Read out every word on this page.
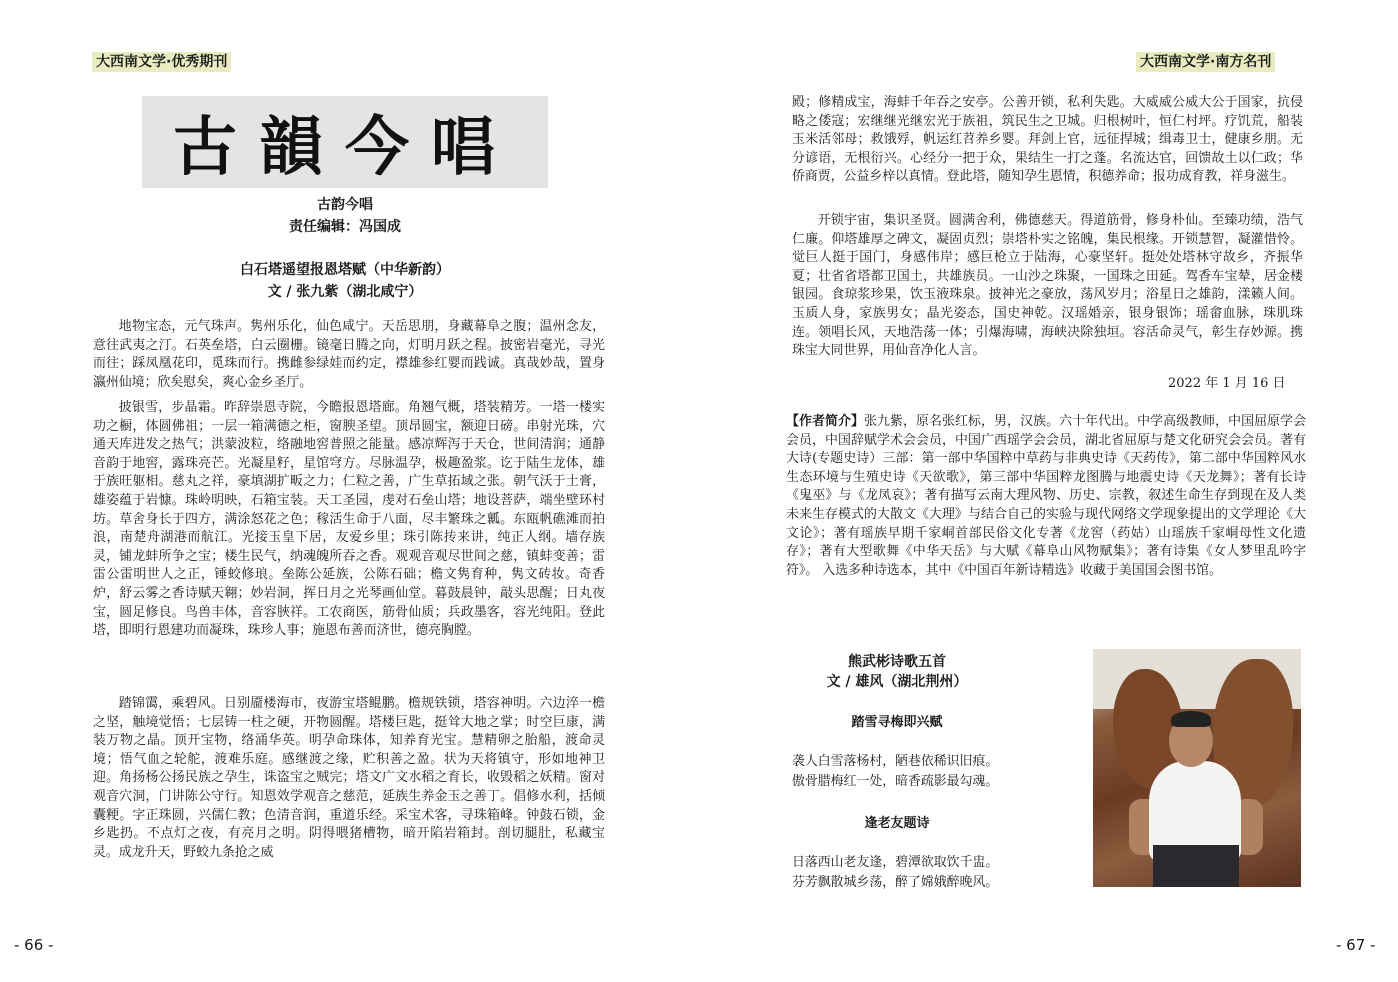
大西南文学·优秀期刊	大西南文学·南方名刊
古韻今唱
古韵今唱
责任编辑：冯国成
白石塔遥望报恩塔赋（中华新韵）
文 / 张九紫（湖北咸宁）

地物宝态，元气珠声。隽州乐化，仙色咸宁。天岳思朋，身藏幕阜之腹；温州念友，意往武夷之汀。石英垒塔，白云圈栅。镜毫日腾之向，灯明月跃之程。披密岩毫光，寻光而往；踩凤凰花印，觅珠而行。携雌参绿娃而约定，襟雄参红婴而践诚。真哉妙哉，置身瀛州仙境；欣矣慰矣，爽心金乡圣厅。

披银雪，步晶霜。昨辞崇恩寺院，今瞻报恩塔廊。角翘气概，塔装精芳。一塔一楼实功之橱，体圆佛祖；一层一箱满德之柜，窗腴圣望。顶昂圆宝，额迎日磅。串射光珠，穴通天库进发之热气；洪蒙波粒，络融地窖普照之能量。感凉辉泻于天仓，世间清润；通静音韵于地窖，露珠亮芒。光凝星籽，星馆穹方。尽脉温孕，极趣盈浆。讫于陆生龙体，雄于族旺躯相。慈丸之祥，豪填湖扩畈之力；仁粒之善，广生草拓域之张。朝气沃于土膏，雄姿蕴于岩慷。珠岭明映，石箱宝装。天工圣园，虔对石垒山塔；地设菩萨，端坐壁环村坊。草舍身长于四方，满涂怒花之色；稼活生命于八面，尽丰繁珠之瓤。东瓯帆礁滩而拍浪，南楚舟湖港而航江。光接玉皇下居，友爱乡里；珠引陈抟来讲，纯正人纲。墙存族灵，铺龙蚌所争之宝；楼生民气，纳魂魄所吞之香。观观音观尽世间之慈，镇蚌变善；雷雷公雷明世人之正，锤蛟修琅。垒陈公延族，公陈石础；檐文隽育种，隽文砖妆。奇香炉，舒云雾之香诗赋天翱；妙岩洞，挥日月之光琴画仙堂。暮鼓晨钟，敲头思醒；日丸夜宝，圆足修良。鸟兽丰体，音容脥祥。工农商医，筋骨仙质；兵政墨客，容光纯阳。登此塔，即明行恩建功而凝珠，珠珍人事；施恩布善而济世，德亮胸膛。

踏锦霭，乘碧风。日别靥楼海市，夜游宝塔鲲鹏。檐规铁锁，塔容神明。六边淬一檐之坚，触境觉悟；七层铸一柱之硬，开物圆醒。塔楼巨匙，挺耸大地之掌；时空巨康，满装万物之晶。顶开宝物，络涌华英。明孕命珠体，知养育光宝。慧精卵之胎船，渡命灵境；悟气血之轮舵，渡难乐庭。感继渡之缘，贮积善之盈。状为天将镇守，形如地神卫迎。角扬杨公扬民族之孕生，诛盗宝之贼完；塔文广文水稻之育长，收毁稻之妖精。窗对观音穴洞，门讲陈公守行。知恩效学观音之慈范，延族生养金玉之善丁。倡修水利，括倾囊粳。字正珠圆，兴儒仁教；色清音润，重道乐经。采宝术客，寻珠箱峰。钟鼓石锁，金乡匙扔。不点灯之夜，有亮月之明。阴得喂猪槽物，暗开陷岩箱封。剖切腿肚，私藏宝灵。成龙升天，野蛟九条抢之威

殿；修精成宝，海蚌千年吞之安亭。公善开锁，私利失匙。大威威公威大公于国家，抗侵略之倭寇；宏继继光继宏光于族祖，筑民生之卫城。归根树叶，恒仁村坪。疗饥荒，船装玉米活邻母；救饿殍，帆运红苕养乡婴。拜剑上官，远征捍城；缉毒卫士，健康乡朋。无分谚语，无根衍兴。心经分一把于众，果结生一打之蓬。名流达官，回馈故土以仁政；华侨商贾，公益乡梓以真情。登此塔，随知孕生恩情，积德养命；报功成育教，祥身滋生。

开锁宇宙，集识圣贤。圆满舍利，佛德慈天。得道筋骨，修身朴仙。至臻功绩，浩气仁廉。仰塔雄厚之碑文，凝固贞烈；崇塔朴实之铭魄，集民根缘。开锁慧智，凝灌惜怜。觉巨人挺于国门，身感伟岸；感巨枪立于陆海，心豪坚轩。挺处处塔林守故乡，齐振华夏；壮省省塔都卫国土，共雄族员。一山沙之珠聚，一国珠之田延。驾香车宝辇，居金楼银园。食琼浆珍果，饮玉液珠泉。披神光之豪放，荡风岁月；浴星日之雄韵，漾籁人间。玉质人身，家族男女；晶光姿态，国史神乾。汉瑶婚亲，银身银饰；瑶畲血脉，珠肌珠连。领唱长风，天地浩荡一体；引爆海啸，海峡决除独垣。容活命灵气，彰生存妙源。携珠宝大同世界，用仙音净化人言。

2022 年 1 月 16 日

【作者简介】张九紫，原名张红标，男，汉族。六十年代出。中学高级教师，中国屈原学会会员，中国辞赋学术会会员，中国广西瑶学会会员，湖北省屈原与楚文化研究会会员。著有大诗(专题史诗）三部：第一部中华国粹中草药与非典史诗《天药传》，第二部中华国粹风水生态环境与生殖史诗《天欲歌》，第三部中华国粹龙图腾与地震史诗《天龙舞》；著有长诗《鬼巫》与《龙凤哀》；著有描写云南大理风物、历史、宗教，叙述生命生存到现在及人类未来生存模式的大散文《大理》与结合自己的实验与现代网络文学现象提出的文学理论《大文论》；著有瑶族早期千家峒首部民俗文化专著《龙窖（药姑）山瑶族千家峒母性文化遗存》；著有大型歌舞《中华天岳》与大赋《幕阜山风物赋集》；著有诗集《女人梦里乱吟字符》。 入选多种诗选本，其中《中国百年新诗精选》收藏于美国国会图书馆。

熊武彬诗歌五首
文 / 雄风（湖北荆州）
踏雪寻梅即兴赋

袭人白雪落杨村，陋巷依稀识旧痕。

傲骨腊梅红一处，暗香疏影最勾魂。

逢老友题诗

日落西山老友逢，碧潭欲取饮千盅。

芬芳飘散城乡荡，醉了嫦娥醉晚风。

- 66 -	- 67 -
